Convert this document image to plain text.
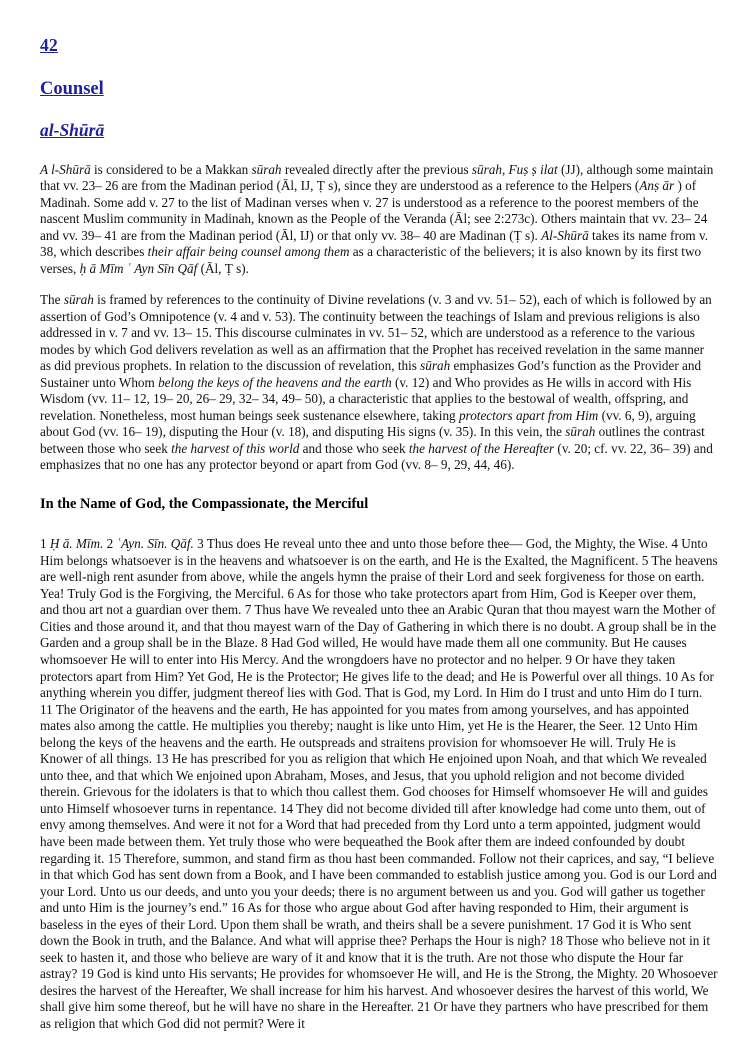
42
Counsel
al-Shūrā

A l-Shūrā is considered to be a Makkan sūrah revealed directly after the previous sūrah, Fuṣ ṣ ilat (JJ), although some maintain that vv. 23– 26 are from the Madinan period (Āl, IJ, Ṭ s), since they are understood as a reference to the Helpers (Anṣ ār ) of Madinah. Some add v. 27 to the list of Madinan verses when v. 27 is understood as a reference to the poorest members of the nascent Muslim community in Madinah, known as the People of the Veranda (Āl; see 2:273c). Others maintain that vv. 23– 24 and vv. 39– 41 are from the Madinan period (Āl, IJ) or that only vv. 38– 40 are Madinan (Ṭ s). Al-Shūrā takes its name from v. 38, which describes their affair being counsel among them as a characteristic of the believers; it is also known by its first two verses, ḥ ā Mīm ʿ Ayn Sīn Qāf (Āl, Ṭ s).

The sūrah is framed by references to the continuity of Divine revelations (v. 3 and vv. 51– 52), each of which is followed by an assertion of God’s Omnipotence (v. 4 and v. 53). The continuity between the teachings of Islam and previous religions is also addressed in v. 7 and vv. 13– 15. This discourse culminates in vv. 51– 52, which are understood as a reference to the various modes by which God delivers revelation as well as an affirmation that the Prophet has received revelation in the same manner as did previous prophets. In relation to the discussion of revelation, this sūrah emphasizes God’s function as the Provider and Sustainer unto Whom belong the keys of the heavens and the earth (v. 12) and Who provides as He wills in accord with His Wisdom (vv. 11– 12, 19– 20, 26– 29, 32– 34, 49– 50), a characteristic that applies to the bestowal of wealth, offspring, and revelation. Nonetheless, most human beings seek sustenance elsewhere, taking protectors apart from Him (vv. 6, 9), arguing about God (vv. 16– 19), disputing the Hour (v. 18), and disputing His signs (v. 35). In this vein, the sūrah outlines the contrast between those who seek the harvest of this world and those who seek the harvest of the Hereafter (v. 20; cf. vv. 22, 36– 39) and emphasizes that no one has any protector beyond or apart from God (vv. 8– 9, 29, 44, 46).

In the Name of God, the Compassionate, the Merciful

1 Ḥ ā. Mīm. 2 ʿAyn. Sīn. Qāf. 3 Thus does He reveal unto thee and unto those before thee— God, the Mighty, the Wise. 4 Unto Him belongs whatsoever is in the heavens and whatsoever is on the earth, and He is the Exalted, the Magnificent. 5 The heavens are well-nigh rent asunder from above, while the angels hymn the praise of their Lord and seek forgiveness for those on earth. Yea! Truly God is the Forgiving, the Merciful. 6 As for those who take protectors apart from Him, God is Keeper over them, and thou art not a guardian over them. 7 Thus have We revealed unto thee an Arabic Quran that thou mayest warn the Mother of Cities and those around it, and that thou mayest warn of the Day of Gathering in which there is no doubt. A group shall be in the Garden and a group shall be in the Blaze. 8 Had God willed, He would have made them all one community. But He causes whomsoever He will to enter into His Mercy. And the wrongdoers have no protector and no helper. 9 Or have they taken protectors apart from Him? Yet God, He is the Protector; He gives life to the dead; and He is Powerful over all things. 10 As for anything wherein you differ, judgment thereof lies with God. That is God, my Lord. In Him do I trust and unto Him do I turn. 11 The Originator of the heavens and the earth, He has appointed for you mates from among yourselves, and has appointed mates also among the cattle. He multiplies you thereby; naught is like unto Him, yet He is the Hearer, the Seer. 12 Unto Him belong the keys of the heavens and the earth. He outspreads and straitens provision for whomsoever He will. Truly He is Knower of all things. 13 He has prescribed for you as religion that which He enjoined upon Noah, and that which We revealed unto thee, and that which We enjoined upon Abraham, Moses, and Jesus, that you uphold religion and not become divided therein. Grievous for the idolaters is that to which thou callest them. God chooses for Himself whomsoever He will and guides unto Himself whosoever turns in repentance. 14 They did not become divided till after knowledge had come unto them, out of envy among themselves. And were it not for a Word that had preceded from thy Lord unto a term appointed, judgment would have been made between them. Yet truly those who were bequeathed the Book after them are indeed confounded by doubt regarding it. 15 Therefore, summon, and stand firm as thou hast been commanded. Follow not their caprices, and say, “I believe in that which God has sent down from a Book, and I have been commanded to establish justice among you. God is our Lord and your Lord. Unto us our deeds, and unto you your deeds; there is no argument between us and you. God will gather us together and unto Him is the journey’s end.” 16 As for those who argue about God after having responded to Him, their argument is baseless in the eyes of their Lord. Upon them shall be wrath, and theirs shall be a severe punishment. 17 God it is Who sent down the Book in truth, and the Balance. And what will apprise thee? Perhaps the Hour is nigh? 18 Those who believe not in it seek to hasten it, and those who believe are wary of it and know that it is the truth. Are not those who dispute the Hour far astray? 19 God is kind unto His servants; He provides for whomsoever He will, and He is the Strong, the Mighty. 20 Whosoever desires the harvest of the Hereafter, We shall increase for him his harvest. And whosoever desires the harvest of this world, We shall give him some thereof, but he will have no share in the Hereafter. 21 Or have they partners who have prescribed for them as religion that which God did not permit? Were it
